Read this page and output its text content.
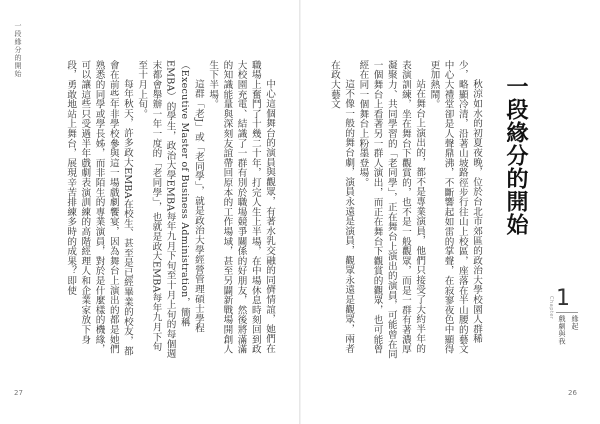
一段緣分的開始

中心這個舞台的演員與觀眾，有著水乳交融的同儕情誼，她們在職場上奮鬥了十幾二十年，打完人生上半場，在中場休息時刻回到政大校園充電、結識了一群有別於職場競爭關係的好朋友，然後將滿滿的知識能量與深刻友誼帶回原本的工作場域，甚至另闢新戰場開創人生下半場。

這群「老J」或「老同學」，就是政治大學經營管理碩士學程（Executive Master of Business Administration，簡稱EMBA）的學生，政治大學EMBA每年九月下旬至十月上旬的每個週末都會舉辦一年一度的「老同學」，也就是政大EMBA每年九月下旬至十月上旬。

每年秋天，許多政大EMBA在校生、甚至是已經畢業的校友，都會在前些年非學校參與這一場戲劇饗宴，因為舞台上演出的都是她們熟悉的同學或學長姊，而非陌生的專業演員，對於是什麼樣的機緣，可以讓這些只受過半年戲劇表演訓練的高階經理人和企業家放下身段，勇敢地站上舞台，展現辛苦排練多時的成果？即使

27
一段緣分的開始

秋涼如水的初夏夜晚，位於台北市郊區的政治大學校園人群稀少，略顯冷清，沿著山坡路徑步行往山上校區，座落在半山腰的藝文中心大禮堂卻是人聲鼎沸，不斷響起如雷的掌聲，在寂寥夜色中顯得更加熱鬧。

站在舞台上演出的，都不是專業演員，他們只接受了大約半年的表演訓練，坐在舞台下觀賞的，也不是一般觀眾，而是一群有著濃厚凝聚力、共同學習的「老同學」，正在舞台上演出的演員，可能曾在同一個舞台上看著另一群人演出，而正在舞台下觀賞的觀眾，也可能曾經在同一個舞台上粉墨登場。

這不像一般的舞台劇，演員永遠是演員，觀眾永遠是觀眾，兩者在政大藝文

Chapter 1
緣起
戲劇與我
26
